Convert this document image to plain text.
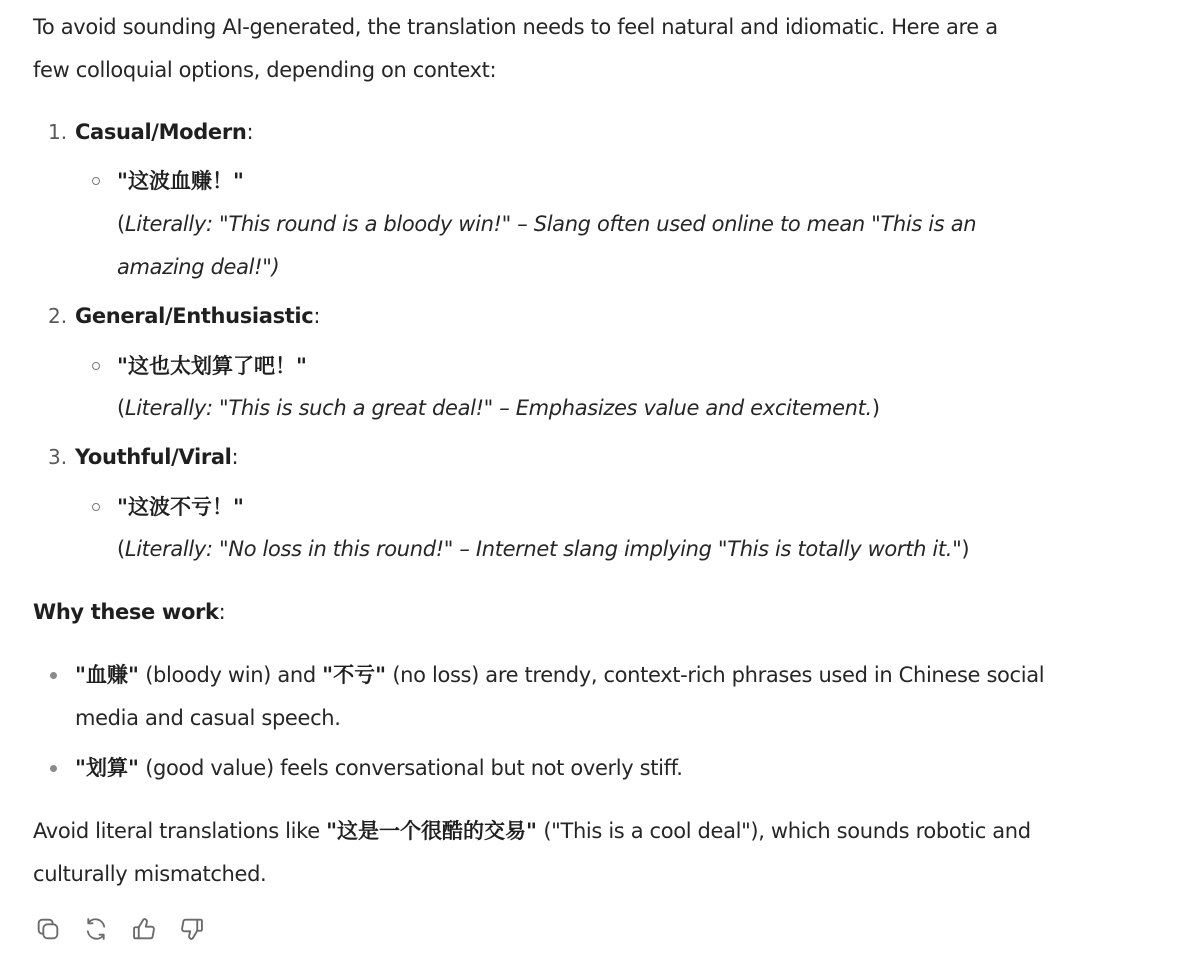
To avoid sounding AI-generated, the translation needs to feel natural and idiomatic. Here are a
few colloquial options, depending on context:
1. Casual/Modern:
"这波血赚！"
(Literally: "This round is a bloody win!" – Slang often used online to mean "This is an
amazing deal!")
2. General/Enthusiastic:
"这也太划算了吧！"
(Literally: "This is such a great deal!" – Emphasizes value and excitement.)
3. Youthful/Viral:
"这波不亏！"
(Literally: "No loss in this round!" – Internet slang implying "This is totally worth it.")
Why these work:
"血赚" (bloody win) and "不亏" (no loss) are trendy, context-rich phrases used in Chinese social
media and casual speech.
"划算" (good value) feels conversational but not overly stiff.
Avoid literal translations like "这是一个很酷的交易" ("This is a cool deal"), which sounds robotic and
culturally mismatched.
